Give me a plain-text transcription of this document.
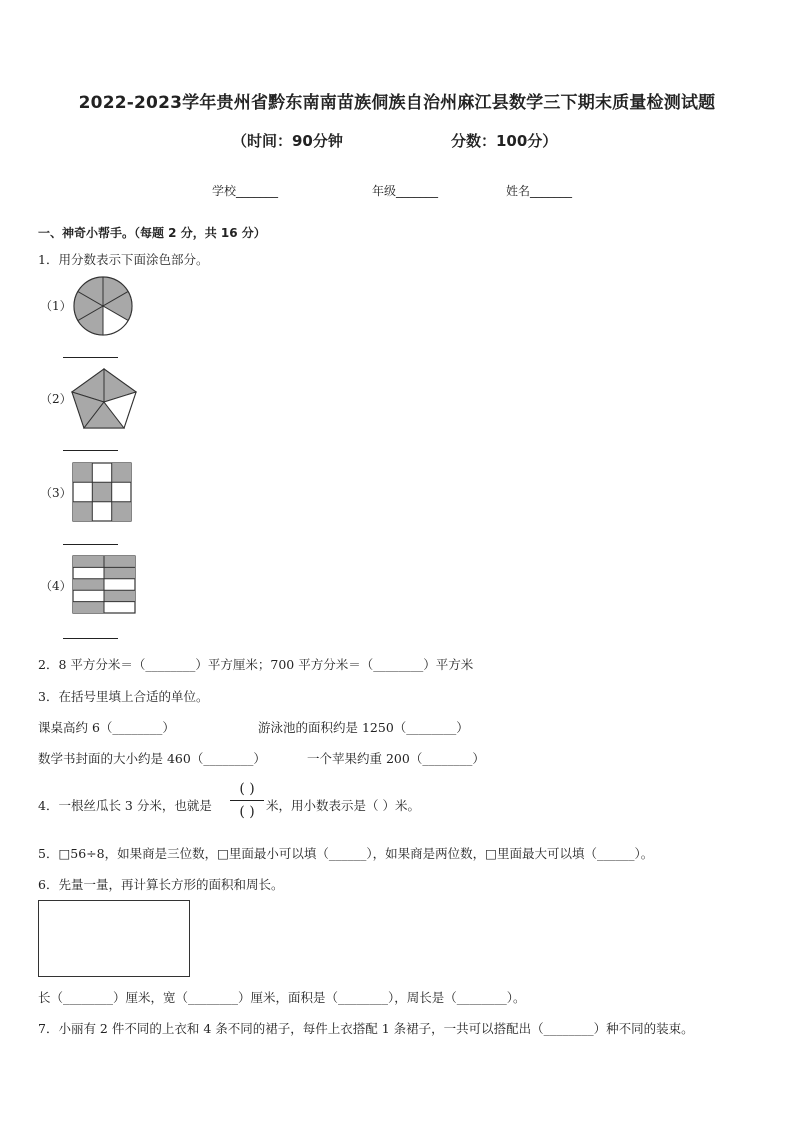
2022-2023学年贵州省黔东南南苗族侗族自治州麻江县数学三下期末质量检测试题
（时间：90分钟	分数：100分）
学校_______	年级_______	姓名_______
一、神奇小帮手。（每题 2 分，共 16 分）
1．用分数表示下面涂色部分。
（1）
（2）
（3）
（4）
2．8 平方分米＝（________）平方厘米；700 平方分米＝（________）平方米
3．在括号里填上合适的单位。
课桌高约 6（________）	游泳池的面积约是 1250（________）
数学书封面的大小约是 460（________）	一个苹果约重 200（________）
4．一根丝瓜长 3 分米，也就是
( )
( ) 米，用小数表示是（ ）米。
5．□56÷8，如果商是三位数，□里面最小可以填（______），如果商是两位数，□里面最大可以填（______）。
6．先量一量，再计算长方形的面积和周长。
长（________）厘米，宽（________）厘米，面积是（________），周长是（________）。
7．小丽有 2 件不同的上衣和 4 条不同的裙子，每件上衣搭配 1 条裙子，一共可以搭配出（________）种不同的装束。
